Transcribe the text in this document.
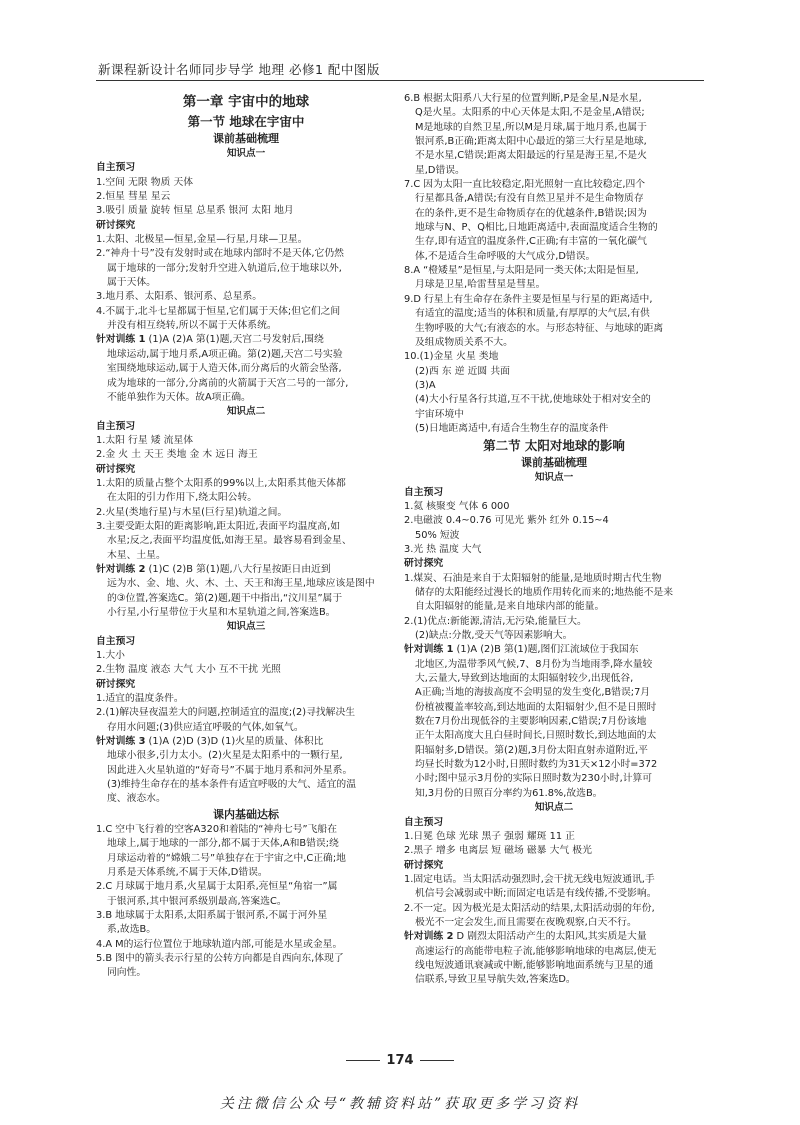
新课程新设计名师同步导学 地理 必修1 配中图版
第一章 宇宙中的地球
第一节 地球在宇宙中
课前基础梳理
知识点一
自主预习
1.空间 无限 物质 天体
2.恒星 彗星 星云
3.吸引 质量 旋转 恒星 总星系 银河 太阳 地月
研讨探究
1.太阳、北极星—恒星,金星—行星,月球—卫星。
2.“神舟十号”没有发射时或在地球内部时不是天体,它仍然
属于地球的一部分;发射升空进入轨道后,位于地球以外,
属于天体。
3.地月系、太阳系、银河系、总星系。
4.不属于,北斗七星都属于恒星,它们属于天体;但它们之间
并没有相互绕转,所以不属于天体系统。
针对训练 1 (1)A (2)A 第(1)题,天宫二号发射后,围绕
地球运动,属于地月系,A项正确。第(2)题,天宫二号实验
室围绕地球运动,属于人造天体,而分离后的火箭会坠落,
成为地球的一部分,分离前的火箭属于天宫二号的一部分,
不能单独作为天体。故A项正确。
知识点二
自主预习
1.太阳 行星 矮 流星体
2.金 火 土 天王 类地 金 木 远日 海王
研讨探究
1.太阳的质量占整个太阳系的99%以上,太阳系其他天体都
在太阳的引力作用下,绕太阳公转。
2.火星(类地行星)与木星(巨行星)轨道之间。
3.主要受距太阳的距离影响,距太阳近,表面平均温度高,如
水星;反之,表面平均温度低,如海王星。最容易看到金星、
木星、土星。
针对训练 2 (1)C (2)B 第(1)题,八大行星按距日由近到
远为水、金、地、火、木、土、天王和海王星,地球应该是图中
的③位置,答案选C。第(2)题,题干中指出,“汶川星”属于
小行星,小行星带位于火星和木星轨道之间,答案选B。
知识点三
自主预习
1.大小
2.生物 温度 液态 大气 大小 互不干扰 光照
研讨探究
1.适宜的温度条件。
2.(1)解决昼夜温差大的问题,控制适宜的温度;(2)寻找解决生
存用水问题;(3)供应适宜呼吸的气体,如氧气。
针对训练 3 (1)A (2)D (3)D (1)火星的质量、体积比
地球小很多,引力太小。(2)火星是太阳系中的一颗行星,
因此进入火星轨道的“好奇号”不属于地月系和河外星系。
(3)维持生命存在的基本条件有适宜呼吸的大气、适宜的温
度、液态水。
课内基础达标
1.C 空中飞行着的空客A320和着陆的“神舟七号”飞船在
地球上,属于地球的一部分,都不属于天体,A和B错误;绕
月球运动着的“嫦娥二号”单独存在于宇宙之中,C正确;地
月系是天体系统,不属于天体,D错误。
2.C 月球属于地月系,火星属于太阳系,亮恒星“角宿一”属
于银河系,其中银河系级别最高,答案选C。
3.B 地球属于太阳系,太阳系属于银河系,不属于河外星
系,故选B。
4.A M的运行位置位于地球轨道内部,可能是水星或金星。
5.B 图中的箭头表示行星的公转方向都是自西向东,体现了
同向性。
6.B 根据太阳系八大行星的位置判断,P是金星,N是水星,
Q是火星。太阳系的中心天体是太阳,不是金星,A错误;
M是地球的自然卫星,所以M是月球,属于地月系,也属于
银河系,B正确;距离太阳中心最近的第三大行星是地球,
不是水星,C错误;距离太阳最远的行星是海王星,不是火
星,D错误。
7.C 因为太阳一直比较稳定,阳光照射一直比较稳定,四个
行星都具备,A错误;有没有自然卫星并不是生命物质存
在的条件,更不是生命物质存在的优越条件,B错误;因为
地球与N、P、Q相比,日地距离适中,表面温度适合生物的
生存,即有适宜的温度条件,C正确;有丰富的一氧化碳气
体,不是适合生命呼吸的大气成分,D错误。
8.A “橙矮星”是恒星,与太阳是同一类天体;太阳是恒星,
月球是卫星,哈雷彗星是彗星。
9.D 行星上有生命存在条件主要是恒星与行星的距离适中,
有适宜的温度;适当的体积和质量,有厚厚的大气层,有供
生物呼吸的大气;有液态的水。与形态特征、与地球的距离
及组成物质关系不大。
10.(1)金星 火星 类地
(2)西 东 逆 近圆 共面
(3)A
(4)大小行星各行其道,互不干扰,使地球处于相对安全的
宇宙环境中
(5)日地距离适中,有适合生物生存的温度条件
第二节 太阳对地球的影响
课前基础梳理
知识点一
自主预习
1.氦 核聚变 气体 6 000
2.电磁波 0.4~0.76 可见光 紫外 红外 0.15~4
50% 短波
3.光 热 温度 大气
研讨探究
1.煤炭、石油是来自于太阳辐射的能量,是地质时期古代生物
储存的太阳能经过漫长的地质作用转化而来的;地热能不是来
自太阳辐射的能量,是来自地球内部的能量。
2.(1)优点:新能源,清洁,无污染,能量巨大。
(2)缺点:分散,受天气等因素影响大。
针对训练 1 (1)A (2)B 第(1)题,图们江流域位于我国东
北地区,为温带季风气候,7、8月份为当地雨季,降水量较
大,云量大,导致到达地面的太阳辐射较少,出现低谷,
A正确;当地的海拔高度不会明显的发生变化,B错误;7月
份植被覆盖率较高,到达地面的太阳辐射少,但不是日照时
数在7月份出现低谷的主要影响因素,C错误;7月份该地
正午太阳高度大且白昼时间长,日照时数长,到达地面的太
阳辐射多,D错误。第(2)题,3月份太阳直射赤道附近,平
均昼长时数为12小时,日照时数约为31天×12小时=372
小时;图中显示3月份的实际日照时数为230小时,计算可
知,3月份的日照百分率约为61.8%,故选B。
知识点二
自主预习
1.日冕 色球 光球 黑子 强弱 耀斑 11 正
2.黑子 增多 电离层 短 磁场 磁暴 大气 极光
研讨探究
1.固定电话。当太阳活动强烈时,会干扰无线电短波通讯,手
机信号会减弱或中断;而固定电话是有线传播,不受影响。
2.不一定。因为极光是太阳活动的结果,太阳活动弱的年份,
极光不一定会发生,而且需要在夜晚观察,白天不行。
针对训练 2 D 剧烈太阳活动产生的太阳风,其实质是大量
高速运行的高能带电粒子流,能够影响地球的电离层,使无
线电短波通讯衰减或中断,能够影响地面系统与卫星的通
信联系,导致卫星导航失效,答案选D。
174
关注微信公众号“教辅资料站”获取更多学习资料
